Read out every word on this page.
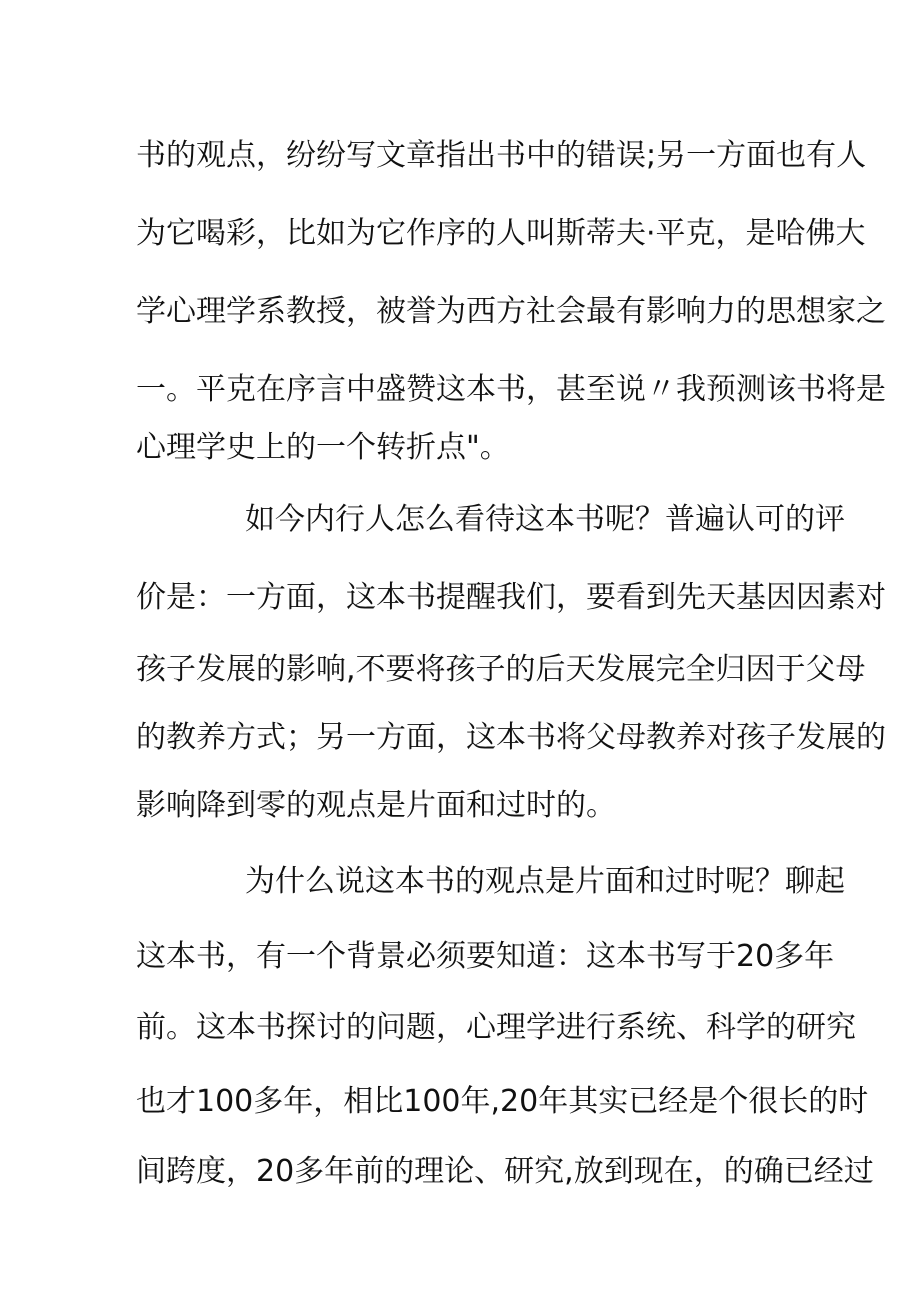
书的观点，纷纷写文章指出书中的错误;另一方面也有人
为它喝彩，比如为它作序的人叫斯蒂夫·平克，是哈佛大
学心理学系教授，被誉为西方社会最有影响力的思想家之
一。平克在序言中盛赞这本书，甚至说〃我预测该书将是
心理学史上的一个转折点"。
如今内行人怎么看待这本书呢？普遍认可的评
价是：一方面，这本书提醒我们，要看到先天基因因素对
孩子发展的影响,不要将孩子的后天发展完全归因于父母
的教养方式；另一方面，这本书将父母教养对孩子发展的
影响降到零的观点是片面和过时的。
为什么说这本书的观点是片面和过时呢？聊起
这本书，有一个背景必须要知道：这本书写于20多年
前。这本书探讨的问题，心理学进行系统、科学的研究
也才100多年，相比100年,20年其实已经是个很长的时
间跨度，20多年前的理论、研究,放到现在，的确已经过
